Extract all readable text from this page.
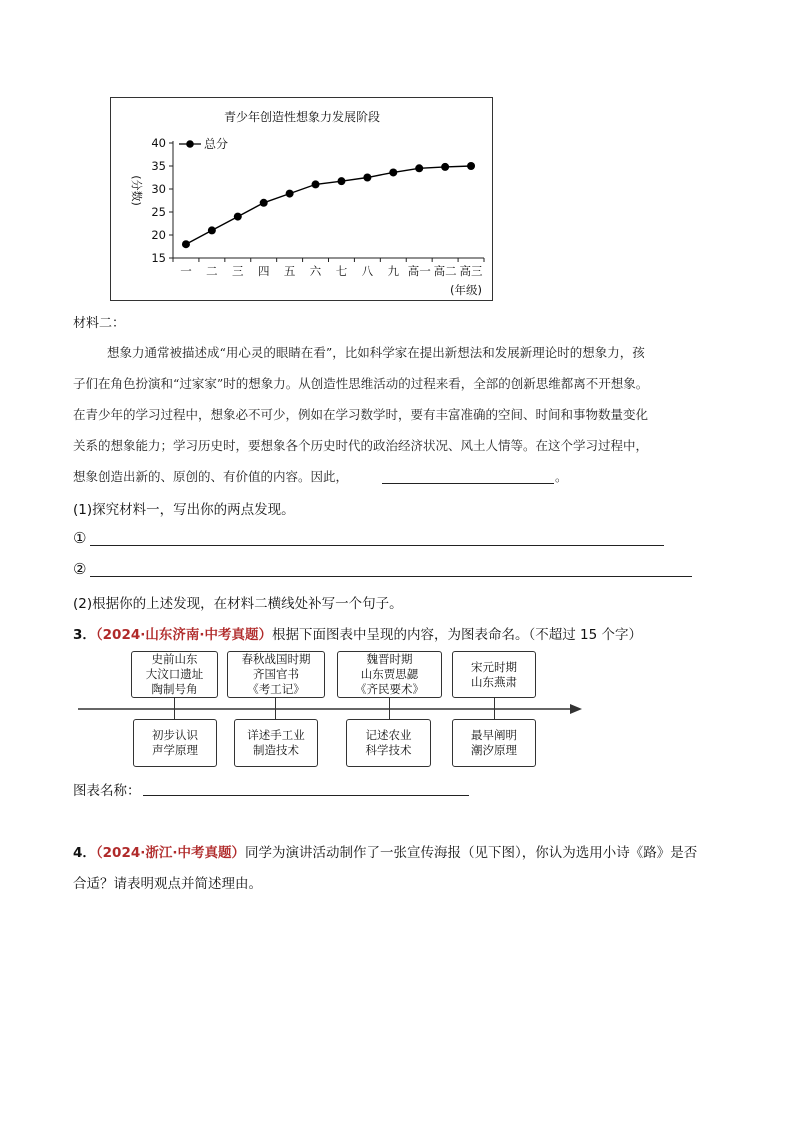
青少年创造性想象力发展阶段
15
20
25
30
35
40
一 二 三 四 五 六 七 八 九 高一 高二 高三
(分数)
(年级)
总分
材料二：
想象力通常被描述成“用心灵的眼睛在看”，比如科学家在提出新想法和发展新理论时的想象力，孩
子们在角色扮演和“过家家”时的想象力。从创造性思维活动的过程来看，全部的创新思维都离不开想象。
在青少年的学习过程中，想象必不可少，例如在学习数学时，要有丰富准确的空间、时间和事物数量变化
关系的想象能力；学习历史时，要想象各个历史时代的政治经济状况、风土人情等。在这个学习过程中，
想象创造出新的、原创的、有价值的内容。因此，	。
(1)探究材料一，写出你的两点发现。
①
②
(2)根据你的上述发现，在材料二横线处补写一个句子。
3．（2024·山东济南·中考真题）根据下面图表中呈现的内容，为图表命名。（不超过 15 个字）
史前山东
大汶口遗址
陶制号角
春秋战国时期
齐国官书
《考工记》
魏晋时期
山东贾思勰
《齐民要术》
宋元时期
山东燕肃
初步认识
声学原理
详述手工业
制造技术
记述农业
科学技术
最早阐明
潮汐原理
图表名称：
4．（2024·浙江·中考真题）同学为演讲活动制作了一张宣传海报（见下图），你认为选用小诗《路》是否
合适？请表明观点并简述理由。
